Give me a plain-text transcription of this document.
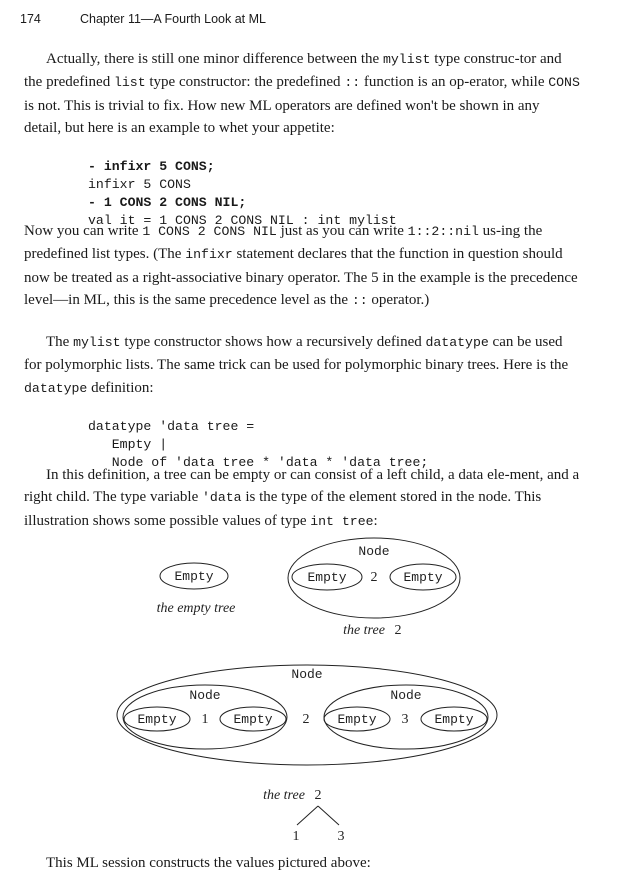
174	Chapter 11—A Fourth Look at ML
Actually, there is still one minor difference between the mylist type construc-tor and the predefined list type constructor: the predefined :: function is an op-erator, while CONS is not. This is trivial to fix. How new ML operators are defined won't be shown in any detail, but here is an example to whet your appetite:

- infixr 5 CONS;
infixr 5 CONS
- 1 CONS 2 CONS NIL;
val it = 1 CONS 2 CONS NIL : int mylist

Now you can write 1 CONS 2 CONS NIL just as you can write 1::2::nil us-ing the predefined list types. (The infixr statement declares that the function in question should now be treated as a right-associative binary operator. The 5 in the example is the precedence level—in ML, this is the same precedence level as the :: operator.)
The mylist type constructor shows how a recursively defined datatype can be used for polymorphic lists. The same trick can be used for polymorphic binary trees. Here is the datatype definition:

datatype 'data tree =
Empty |
Node of 'data tree * 'data * 'data tree;

In this definition, a tree can be empty or can consist of a left child, a data ele-ment, and a right child. The type variable 'data is the type of the element stored in the node. This illustration shows some possible values of type int tree:
Empty
the empty tree
Node
Empty 2 Empty
the tree 2
Node
Node
Empty 1 Empty 2
Node
Empty 3 Empty
the tree 2
1	3
This ML session constructs the values pictured above:
